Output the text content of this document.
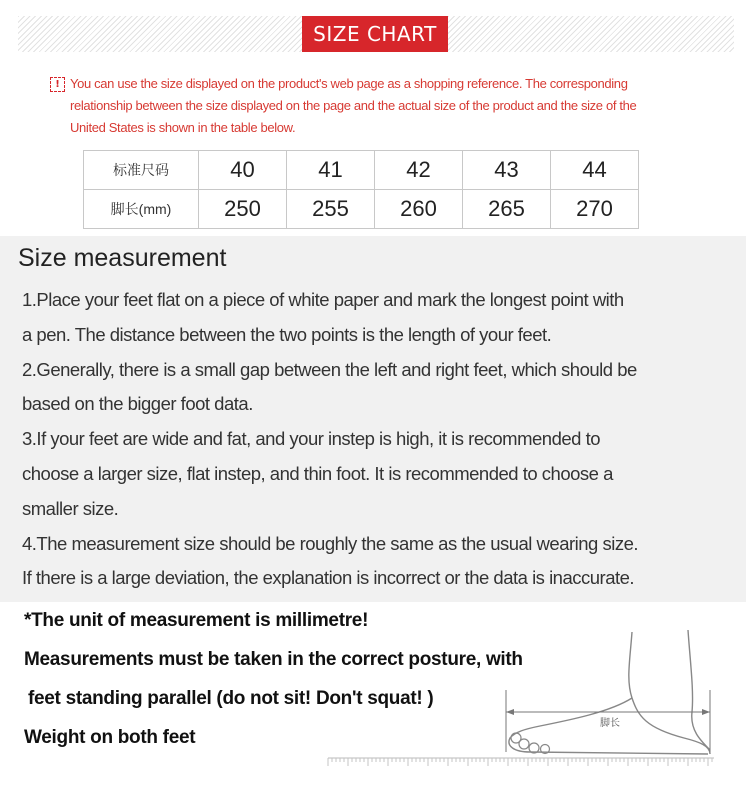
SIZE CHART
! You can use the size displayed on the product's web page as a shopping reference. The corresponding
relationship between the size displayed on the page and the actual size of the product and the size of the
United States is shown in the table below.
标准尺码	40	41	42	43	44
脚长(mm)	250	255	260	265	270
Size measurement
1.Place your feet flat on a piece of white paper and mark the longest point with
a pen. The distance between the two points is the length of your feet.
2.Generally, there is a small gap between the left and right feet, which should be
based on the bigger foot data.
3.If your feet are wide and fat, and your instep is high, it is recommended to
choose a larger size, flat instep, and thin foot. It is recommended to choose a
smaller size.
4.The measurement size should be roughly the same as the usual wearing size.
If there is a large deviation, the explanation is incorrect or the data is inaccurate.
*The unit of measurement is millimetre!
Measurements must be taken in the correct posture, with
feet standing parallel (do not sit! Don't squat! )
Weight on both feet
脚长
